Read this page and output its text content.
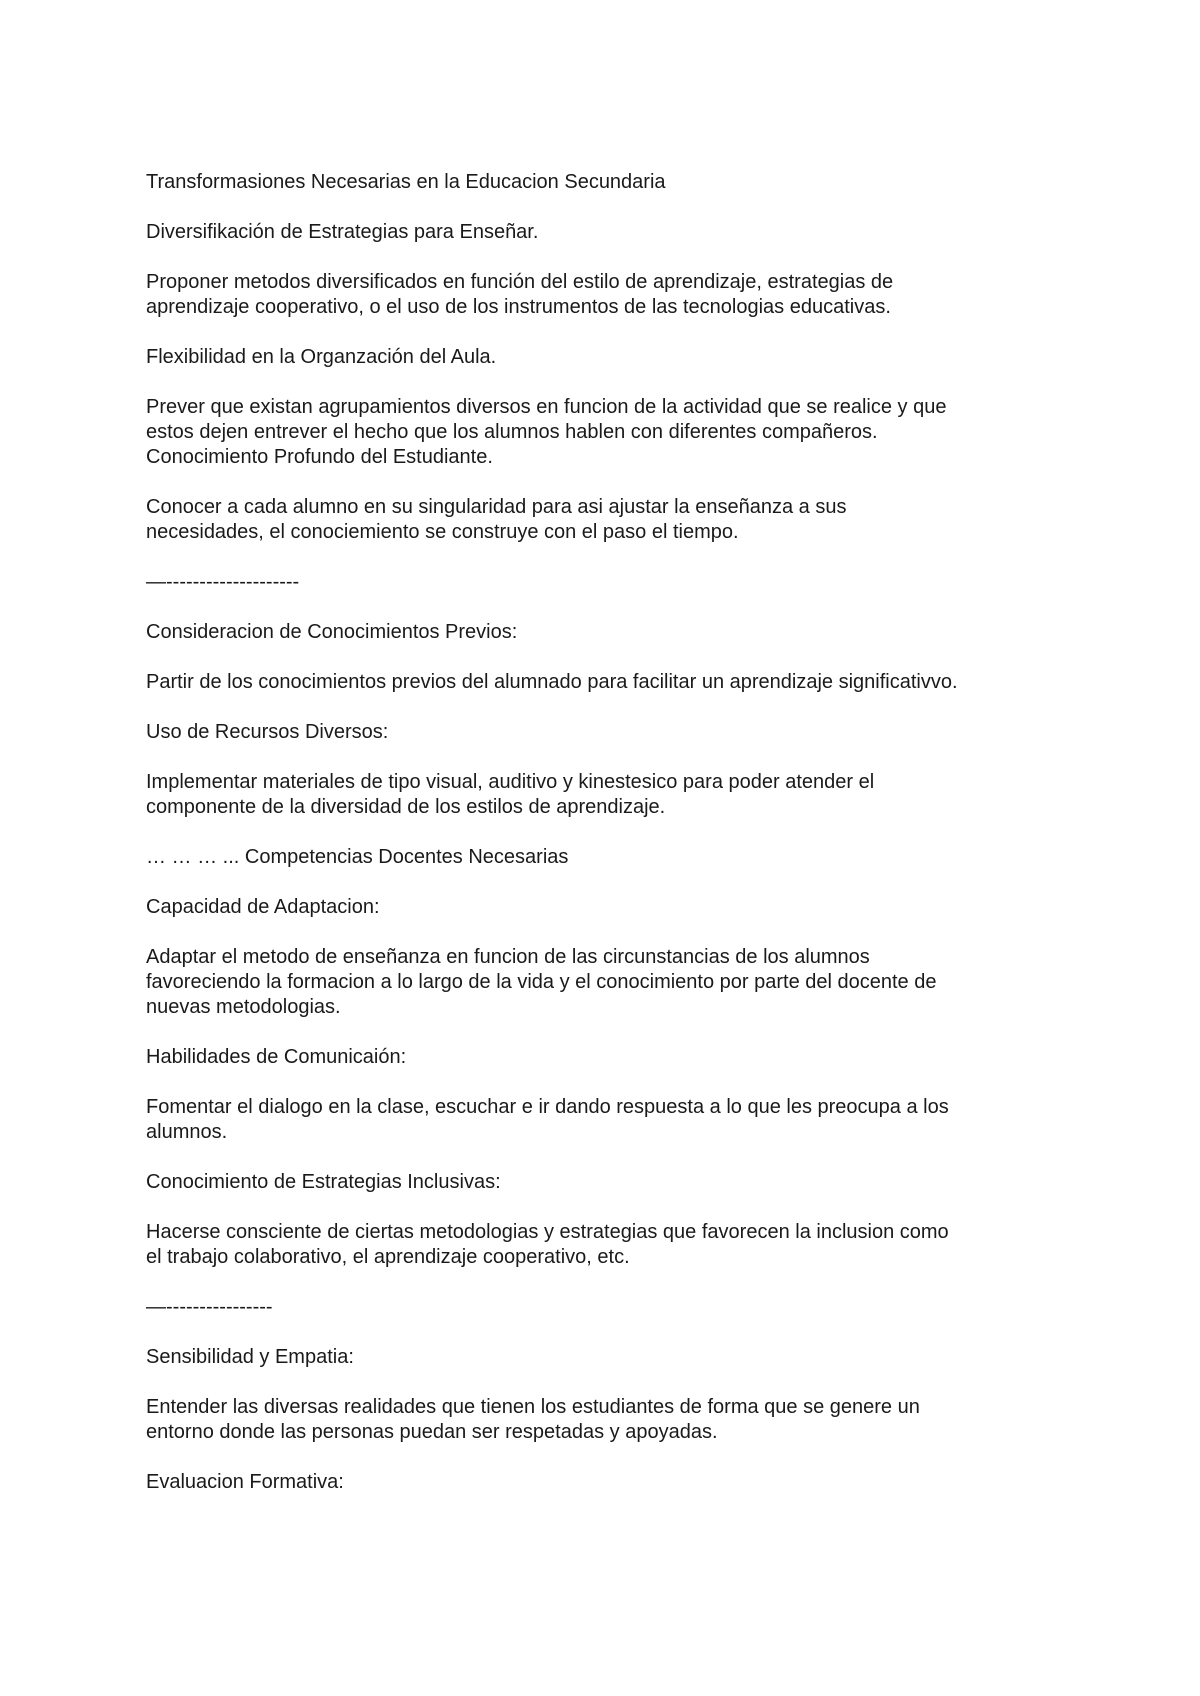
Transformasiones Necesarias en la Educacion Secundaria

Diversifikación de Estrategias para Enseñar.

Proponer metodos diversificados en función del estilo de aprendizaje, estrategias de
aprendizaje cooperativo, o el uso de los instrumentos de las tecnologias educativas.

Flexibilidad en la Organzación del Aula.

Prever que existan agrupamientos diversos en funcion de la actividad que se realice y que
estos dejen entrever el hecho que los alumnos hablen con diferentes compañeros.
Conocimiento Profundo del Estudiante.

Conocer a cada alumno en su singularidad para asi ajustar la enseñanza a sus
necesidades, el conociemiento se construye con el paso el tiempo.

—--------------------

Consideracion de Conocimientos Previos:

Partir de los conocimientos previos del alumnado para facilitar un aprendizaje significativvo.

Uso de Recursos Diversos:

Implementar materiales de tipo visual, auditivo y kinestesico para poder atender el
componente de la diversidad de los estilos de aprendizaje.

… … … ... Competencias Docentes Necesarias

Capacidad de Adaptacion:

Adaptar el metodo de enseñanza en funcion de las circunstancias de los alumnos
favoreciendo la formacion a lo largo de la vida y el conocimiento por parte del docente de
nuevas metodologias.

Habilidades de Comunicaión:

Fomentar el dialogo en la clase, escuchar e ir dando respuesta a lo que les preocupa a los
alumnos.

Conocimiento de Estrategias Inclusivas:

Hacerse consciente de ciertas metodologias y estrategias que favorecen la inclusion como
el trabajo colaborativo, el aprendizaje cooperativo, etc.

—----------------

Sensibilidad y Empatia:

Entender las diversas realidades que tienen los estudiantes de forma que se genere un
entorno donde las personas puedan ser respetadas y apoyadas.

Evaluacion Formativa:
